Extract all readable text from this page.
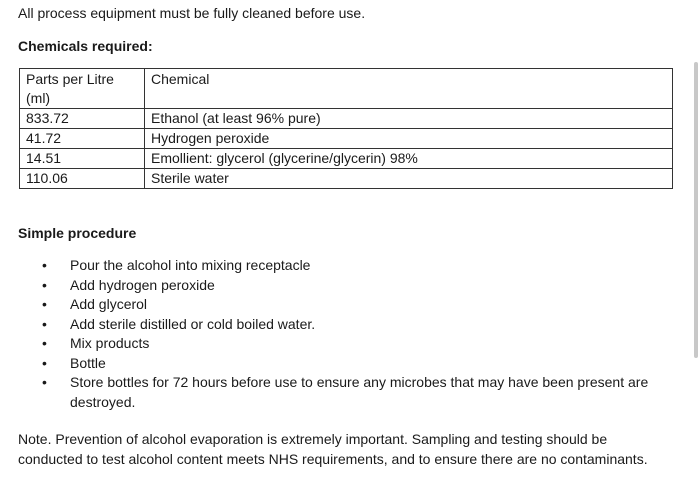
All process equipment must be fully cleaned before use.
Chemicals required:
Parts per Litre (ml)	Chemical
833.72	Ethanol (at least 96% pure)
41.72	Hydrogen peroxide
14.51	Emollient: glycerol (glycerine/glycerin) 98%
110.06	Sterile water
Simple procedure
• Pour the alcohol into mixing receptacle
• Add hydrogen peroxide
• Add glycerol
• Add sterile distilled or cold boiled water.
• Mix products
• Bottle
• Store bottles for 72 hours before use to ensure any microbes that may have been present are destroyed.
Note. Prevention of alcohol evaporation is extremely important. Sampling and testing should be conducted to test alcohol content meets NHS requirements, and to ensure there are no contaminants.
